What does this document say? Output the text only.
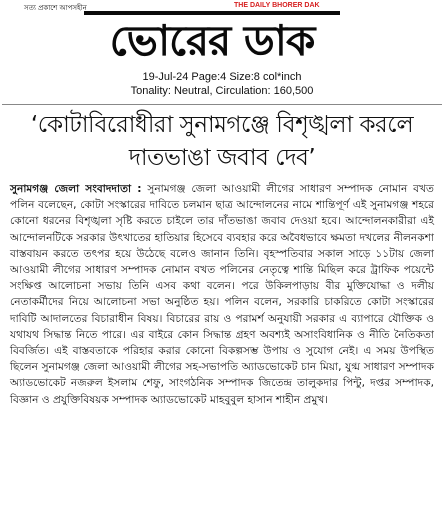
সত্য প্রকাশে আপসহীন	THE DAILY BHORER DAK
ভোরের ডাক
19-Jul-24 Page:4 Size:8 col*inch
Tonality: Neutral, Circulation: 160,500
‘কোটাবিরোধীরা সুনামগঞ্জে বিশৃঙ্খলা করলে দাতভাঙা জবাব দেব’
সুনামগঞ্জ জেলা সংবাদদাতা : সুনামগঞ্জ জেলা আওয়ামী লীগের সাধারণ সম্পাদক নোমান বখত পলিন বলেছেন, কোটা সংস্কারের দাবিতে চলমান ছাত্র আন্দোলনের নামে শান্তিপূর্ণ এই সুনামগঞ্জ শহরে কোনো ধরনের বিশৃঙ্খলা সৃষ্টি করতে চাইলে তার দাঁতভাঙা জবাব দেওয়া হবে। আন্দোলনকারীরা এই আন্দোলনটিকে সরকার উৎখাতের হাতিয়ার হিসেবে ব্যবহার করে অবৈধভাবে ক্ষমতা দখলের নীলনকশা বাস্তবায়ন করতে তৎপর হয়ে উঠেছে বলেও জানান তিনি। বৃহস্পতিবার সকাল সাড়ে ১১টায় জেলা আওয়ামী লীগের সাধারণ সম্পাদক নোমান বখত পলিনের নেতৃত্বে শান্তি মিছিল করে ট্রাফিক পয়েন্টে সংক্ষিপ্ত আলোচনা সভায় তিনি এসব কথা বলেন। পরে উকিলপাড়ায় বীর মুক্তিযোদ্ধা ও দলীয় নেতাকর্মীদের নিয়ে আলোচনা সভা অনুষ্ঠিত হয়। পলিন বলেন, সরকারি চাকরিতে কোটা সংস্কারের দাবিটি আদালতের বিচারাধীন বিষয়। বিচারের রায় ও পরামর্শ অনুযায়ী সরকার এ ব্যাপারে যৌক্তিক ও যথাযথ সিদ্ধান্ত নিতে পারে। এর বাইরে কোন সিদ্ধান্ত গ্রহণ অবশ্যই অসাংবিধানিক ও নীতি নৈতিকতা বিবর্জিত। এই বাস্তবতাকে পরিহার করার কোনো বিকল্পসম্ভ উপায় ও সুযোগ নেই। এ সময় উপস্থিত ছিলেন সুনামগঞ্জ জেলা আওয়ামী লীগের সহ-সভাপতি অ্যাডভোকেট চান মিয়া, যুগ্ম সাধারণ সম্পাদক অ্যাডভোকেট নজরুল ইসলাম শেফু, সাংগঠনিক সম্পাদক জিতেন্দ্র তালুকদার পিন্টু, দপ্তর সম্পাদক, বিজ্ঞান ও প্রযুক্তিবিষয়ক সম্পাদক অ্যাডভোকেট মাহবুবুল হাসান শাহীন প্রমুখ।
